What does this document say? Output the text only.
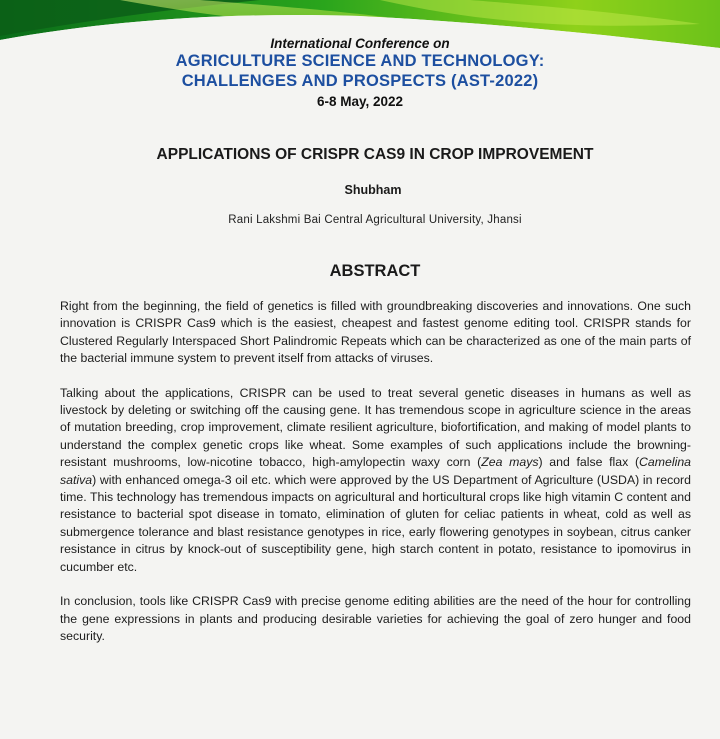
International Conference on
AGRICULTURE SCIENCE AND TECHNOLOGY:
CHALLENGES AND PROSPECTS (AST-2022)
6-8 May, 2022
APPLICATIONS OF CRISPR CAS9 IN CROP IMPROVEMENT
Shubham
Rani Lakshmi Bai Central Agricultural University, Jhansi
ABSTRACT

Right from the beginning, the field of genetics is filled with groundbreaking discoveries and innovations. One such innovation is CRISPR Cas9 which is the easiest, cheapest and fastest genome editing tool. CRISPR stands for Clustered Regularly Interspaced Short Palindromic Repeats which can be characterized as one of the main parts of the bacterial immune system to prevent itself from attacks of viruses.

Talking about the applications, CRISPR can be used to treat several genetic diseases in humans as well as livestock by deleting or switching off the causing gene. It has tremendous scope in agriculture science in the areas of mutation breeding, crop improvement, climate resilient agriculture, biofortification, and making of model plants to understand the complex genetic crops like wheat. Some examples of such applications include the browning-resistant mushrooms, low-nicotine tobacco, high-amylopectin waxy corn (Zea mays) and false flax (Camelina sativa) with enhanced omega-3 oil etc. which were approved by the US Department of Agriculture (USDA) in record time. This technology has tremendous impacts on agricultural and horticultural crops like high vitamin C content and resistance to bacterial spot disease in tomato, elimination of gluten for celiac patients in wheat, cold as well as submergence tolerance and blast resistance genotypes in rice, early flowering genotypes in soybean, citrus canker resistance in citrus by knock-out of susceptibility gene, high starch content in potato, resistance to ipomovirus in cucumber etc.

In conclusion, tools like CRISPR Cas9 with precise genome editing abilities are the need of the hour for controlling the gene expressions in plants and producing desirable varieties for achieving the goal of zero hunger and food security.
